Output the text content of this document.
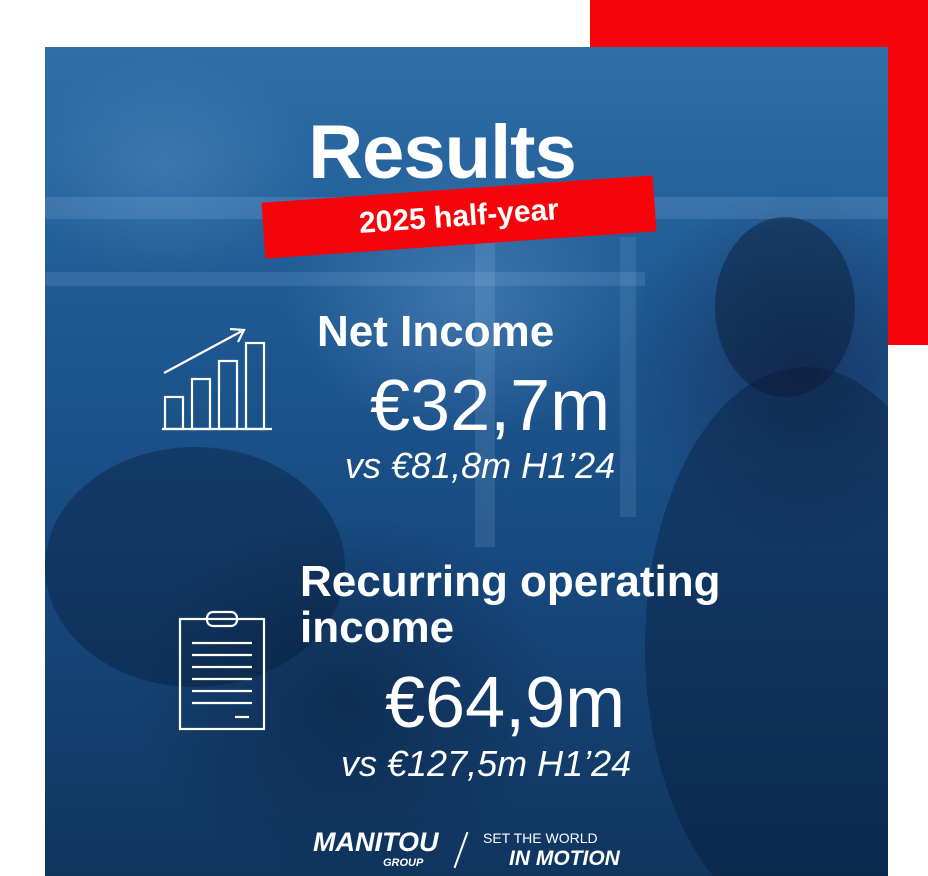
Results
2025 half-year
Net Income
€32,7m
vs €81,8m H1’24
Recurring operating income
€64,9m
vs €127,5m H1’24
MANITOU
GROUP
SET THE WORLD
IN MOTION
